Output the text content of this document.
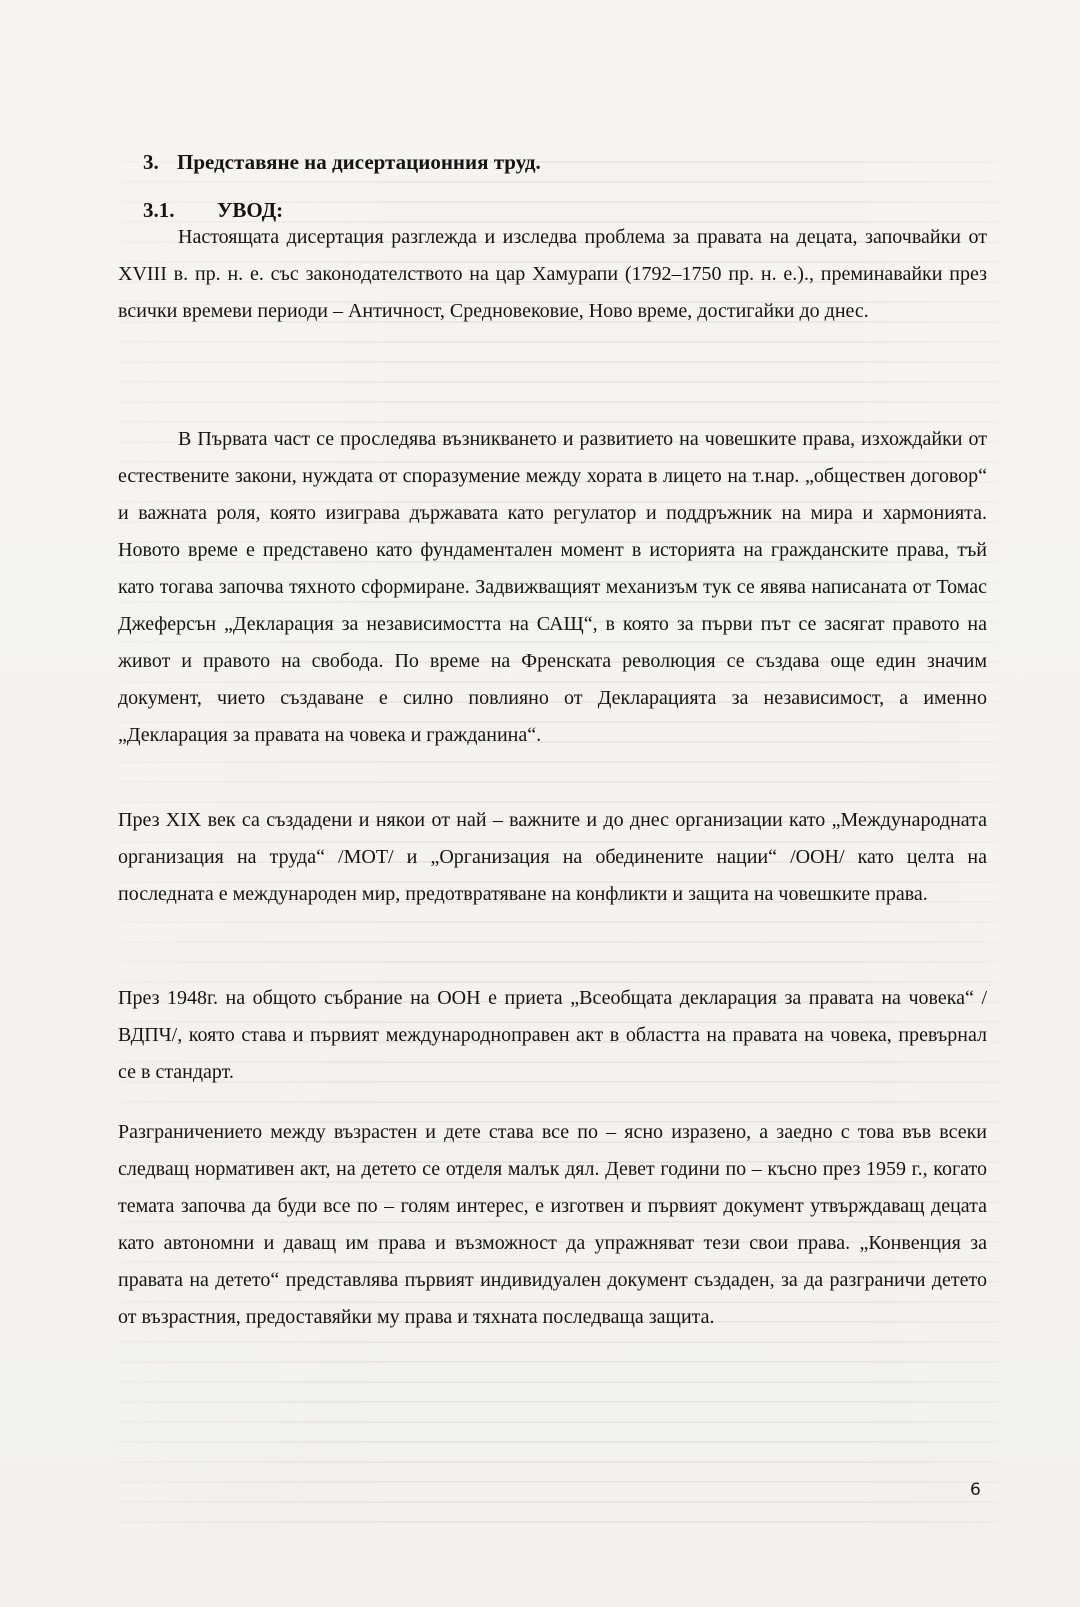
3. Представяне на дисертационния труд.
3.1. УВОД:

Настоящата дисертация разглежда и изследва проблема за правата на децата, започвайки от XVIII в. пр. н. е. със законодателството на цар Хамурапи (1792–1750 пр. н. е.)., преминавайки през всички времеви периоди – Античност, Средновековие, Ново време, достигайки до днес.

В Първата част се проследява възникването и развитието на човешките права, изхождайки от естествените закони, нуждата от споразумение между хората в лицето на т.нар. „обществен договор“ и важната роля, която изиграва държавата като регулатор и поддръжник на мира и хармонията. Новото време е представено като фундаментален момент в историята на гражданските права, тъй като тогава започва тяхното сформиране. Задвижващият механизъм тук се явява написаната от Томас Джеферсън „Декларация за независимостта на САЩ“, в която за първи път се засягат правото на живот и правото на свобода. По време на Френската революция се създава още един значим документ, чието създаване е силно повлияно от Декларацията за независимост, а именно „Декларация за правата на човека и гражданина“.

През XIX век са създадени и някои от най – важните и до днес организации като „Международната организация на труда“ /МОТ/ и „Организация на обединените нации“ /ООН/ като целта на последната е международен мир, предотвратяване на конфликти и защита на човешките права.

През 1948г. на общото събрание на ООН е приета „Всеобщата декларация за правата на човека“ /ВДПЧ/, която става и първият международноправен акт в областта на правата на човека, превърнал се в стандарт.

Разграничението между възрастен и дете става все по – ясно изразено, а заедно с това във всеки следващ нормативен акт, на детето се отделя малък дял. Девет години по – късно през 1959 г., когато темата започва да буди все по – голям интерес, е изготвен и първият документ утвърждаващ децата като автономни и даващ им права и възможност да упражняват тези свои права. „Конвенция за правата на детето“ представлява първият индивидуален документ създаден, за да разграничи детето от възрастния, предоставяйки му права и тяхната последваща защита.

6
